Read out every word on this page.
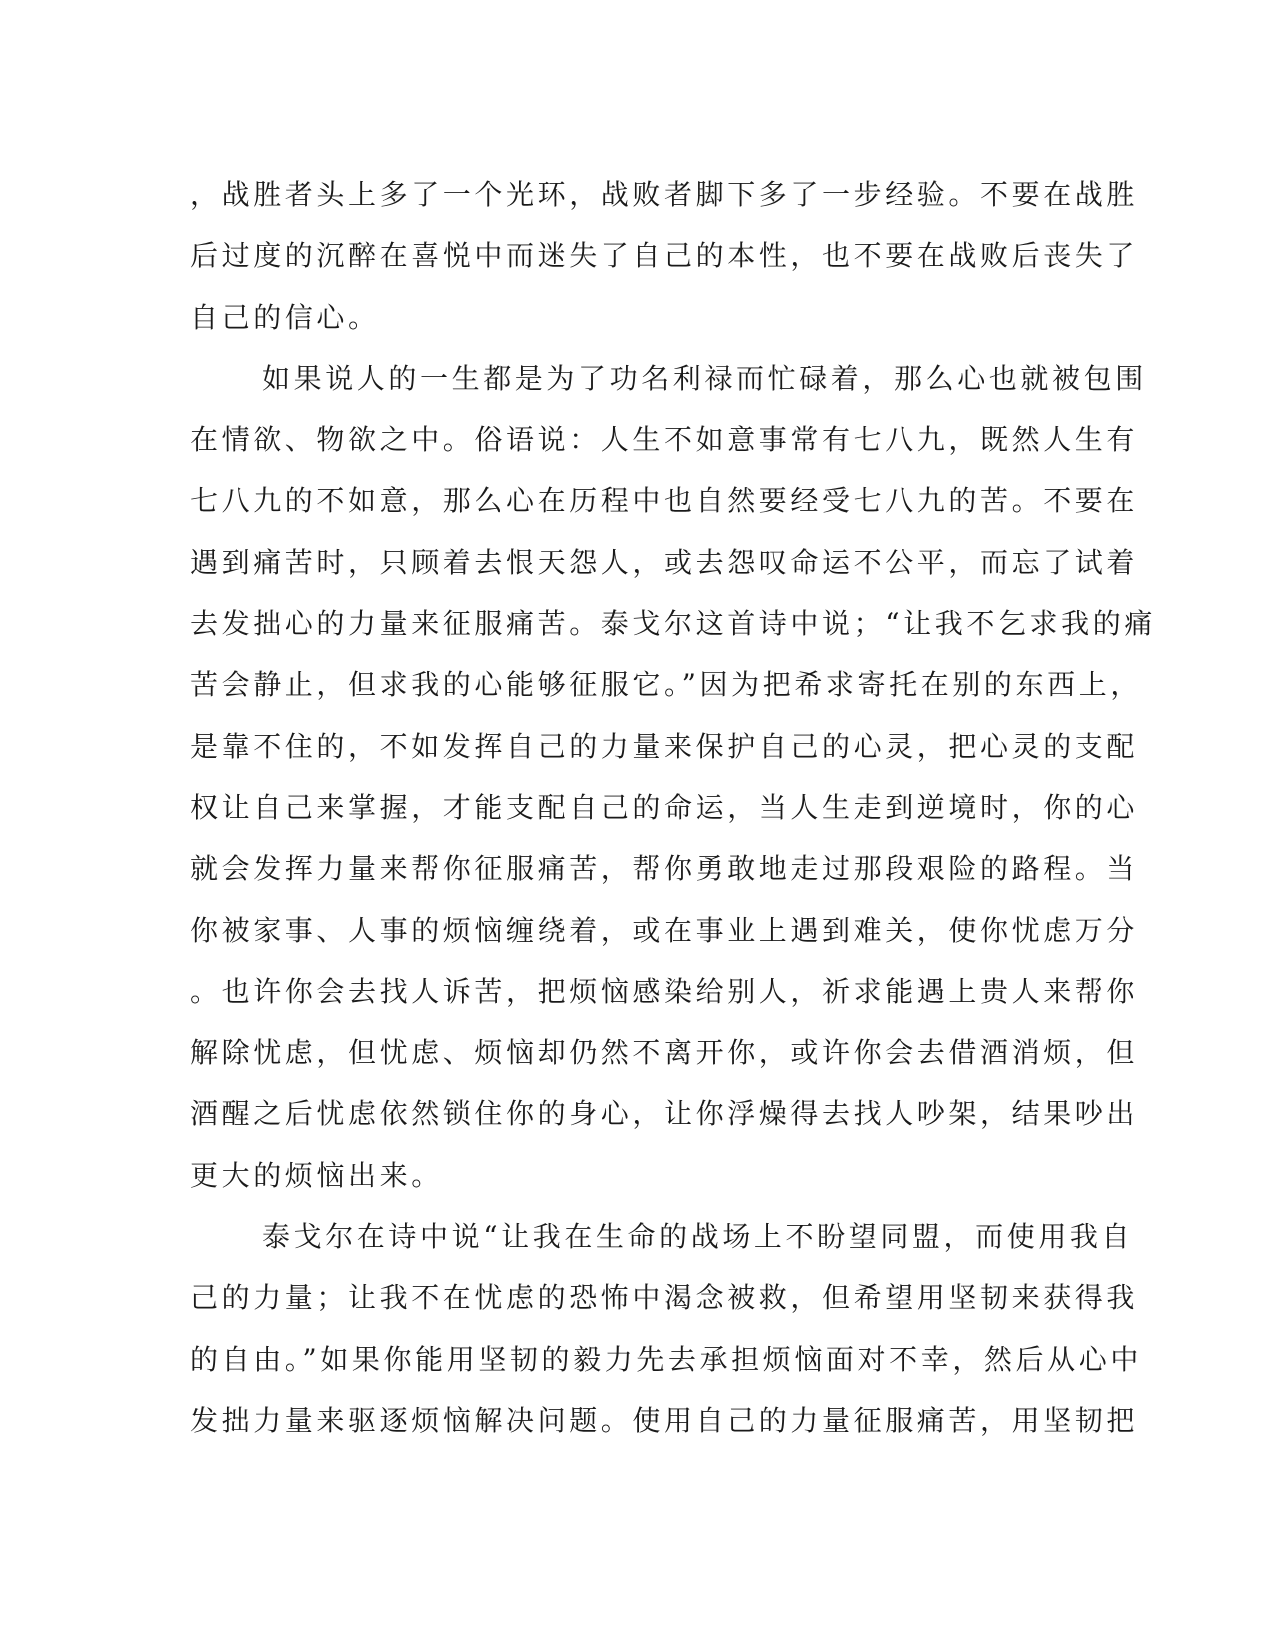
，战胜者头上多了一个光环，战败者脚下多了一步经验。不要在战胜
后过度的沉醉在喜悦中而迷失了自己的本性，也不要在战败后丧失了
自己的信心。
如果说人的一生都是为了功名利禄而忙碌着，那么心也就被包围
在情欲、物欲之中。俗语说：人生不如意事常有七八九，既然人生有
七八九的不如意，那么心在历程中也自然要经受七八九的苦。不要在
遇到痛苦时，只顾着去恨天怨人，或去怨叹命运不公平，而忘了试着
去发拙心的力量来征服痛苦。泰戈尔这首诗中说；“让我不乞求我的痛
苦会静止，但求我的心能够征服它。”因为把希求寄托在别的东西上，
是靠不住的，不如发挥自己的力量来保护自己的心灵，把心灵的支配
权让自己来掌握，才能支配自己的命运，当人生走到逆境时，你的心
就会发挥力量来帮你征服痛苦，帮你勇敢地走过那段艰险的路程。当
你被家事、人事的烦恼缠绕着，或在事业上遇到难关，使你忧虑万分
。也许你会去找人诉苦，把烦恼感染给别人，祈求能遇上贵人来帮你
解除忧虑，但忧虑、烦恼却仍然不离开你，或许你会去借酒消烦，但
酒醒之后忧虑依然锁住你的身心，让你浮燥得去找人吵架，结果吵出
更大的烦恼出来。
泰戈尔在诗中说“让我在生命的战场上不盼望同盟，而使用我自
己的力量；让我不在忧虑的恐怖中渴念被救，但希望用坚韧来获得我
的自由。”如果你能用坚韧的毅力先去承担烦恼面对不幸，然后从心中
发拙力量来驱逐烦恼解决问题。使用自己的力量征服痛苦，用坚韧把
